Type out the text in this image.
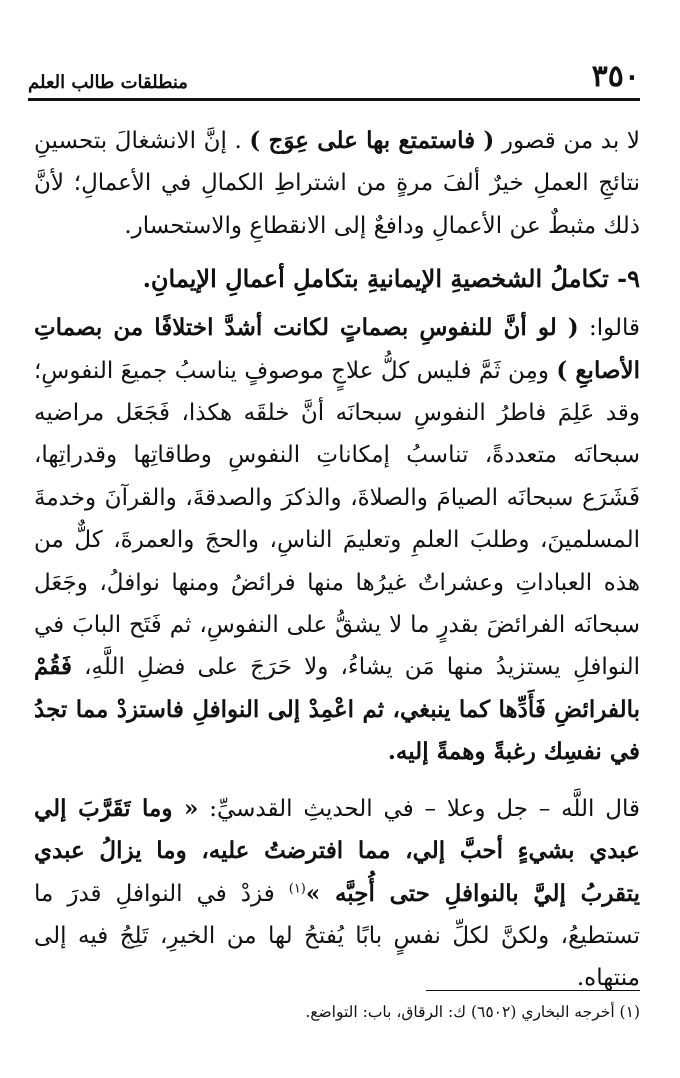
٣٥٠
منطلقات طالب العلم

لا بد من قصور ( فاستمتع بها على عِوَج ) . إنَّ الانشغالَ بتحسينِ نتائجِ العملِ خيرٌ ألفَ مرةٍ من اشتراطِ الكمالِ في الأعمالِ؛ لأنَّ ذلك مثبطٌ عن الأعمالِ ودافعٌ إلى الانقطاعِ والاستحسار.

٩- تكاملُ الشخصيةِ الإيمانيةِ بتكاملِ أعمالِ الإيمانِ.

قالوا: ( لو أنَّ للنفوسِ بصماتٍ لكانت أشدَّ اختلافًا من بصماتِ الأصابعِ ) ومِن ثَمَّ فليس كلُّ علاجٍ موصوفٍ يناسبُ جميعَ النفوسِ؛ وقد عَلِمَ فاطرُ النفوسِ سبحانَه أنَّ خلقَه هكذا، فَجَعَل مراضيه سبحانَه متعددةً، تناسبُ إمكاناتِ النفوسِ وطاقاتِها وقدراتِها، فَشَرَع سبحانَه الصيامَ والصلاةَ، والذكرَ والصدقةَ، والقرآنَ وخدمةَ المسلمينَ، وطلبَ العلمِ وتعليمَ الناسِ، والحجَ والعمرةَ، كلٌّ من هذه العباداتِ وعشراتٌ غيرُها منها فرائضُ ومنها نوافلُ، وجَعَل سبحانَه الفرائضَ بقدرٍ ما لا يشقُّ على النفوسِ، ثم فَتَح البابَ في النوافلِ يستزيدُ منها مَن يشاءُ، ولا حَرَجَ على فضلِ اللَّهِ، فَقُمْ بالفرائضِ فَأَدِّها كما ينبغي، ثم اعْمِدْ إلى النوافلِ فاستزدْ مما تجدُ في نفسِك رغبةً وهمةً إليه.

قال اللَّه – جل وعلا – في الحديثِ القدسيِّ: « وما تَقَرَّبَ إلي عبدي بشيءٍ أحبَّ إلي، مما افترضتُ عليه، وما يزالُ عبدي يتقربُ إليَّ بالنوافلِ حتى أُحِبَّه »$^{(١)}$ فزدْ في النوافلِ قدرَ ما تستطيعُ، ولكنَّ لكلِّ نفسٍ بابًا يُفتحُ لها من الخيرِ، تَلِجُ فيه إلى منتهاه.

(١) أخرجه البخاري (٦٥٠٢) ك: الرقاق، باب: التواضع.
